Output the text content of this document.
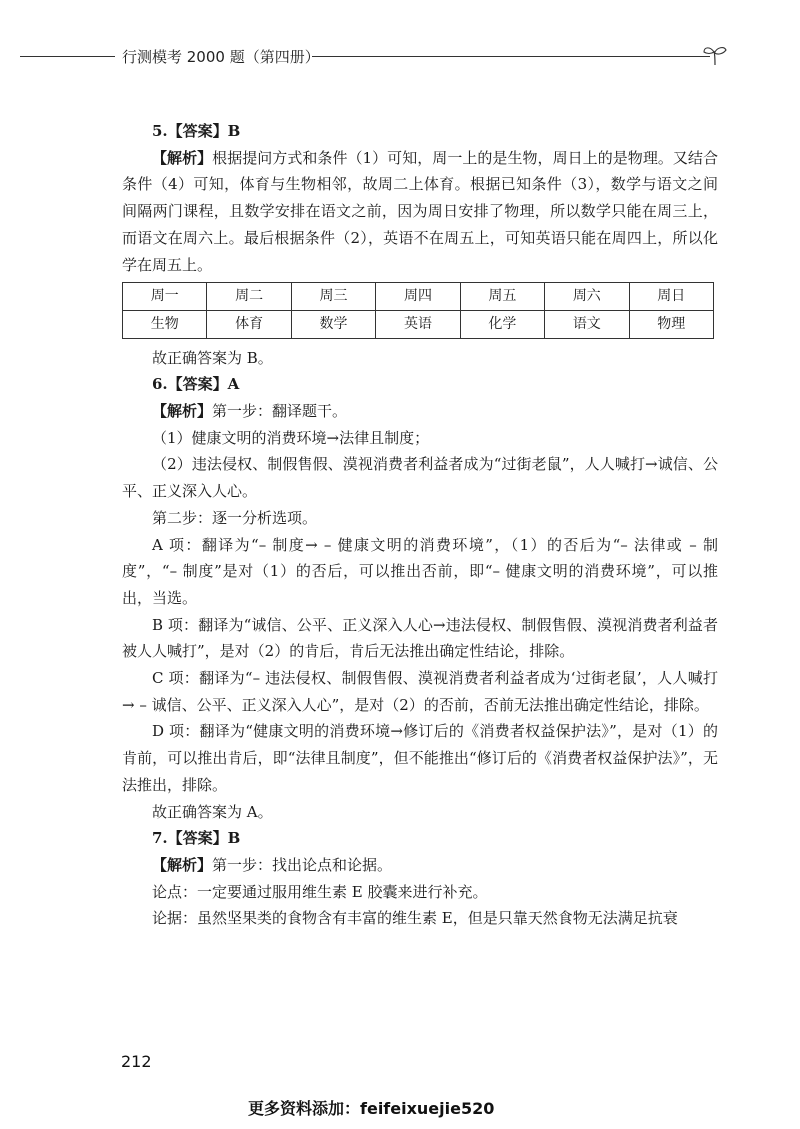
行测模考 2000 题（第四册）

5.【答案】B

【解析】根据提问方式和条件（1）可知，周一上的是生物，周日上的是物理。又结合条件（4）可知，体育与生物相邻，故周二上体育。根据已知条件（3），数学与语文之间间隔两门课程，且数学安排在语文之前，因为周日安排了物理，所以数学只能在周三上，而语文在周六上。最后根据条件（2），英语不在周五上，可知英语只能在周四上，所以化学在周五上。

周一	周二	周三	周四	周五	周六	周日
生物	体育	数学	英语	化学	语文	物理

故正确答案为 B。

6.【答案】A

【解析】第一步：翻译题干。

（1）健康文明的消费环境→法律且制度；

（2）违法侵权、制假售假、漠视消费者利益者成为“过街老鼠”，人人喊打→诚信、公平、正义深入人心。

第二步：逐一分析选项。

A 项：翻译为“– 制度→ – 健康文明的消费环境”，（1）的否后为“– 法律或 – 制度”，“– 制度”是对（1）的否后，可以推出否前，即“– 健康文明的消费环境”，可以推出，当选。

B 项：翻译为“诚信、公平、正义深入人心→违法侵权、制假售假、漠视消费者利益者被人人喊打”，是对（2）的肯后，肯后无法推出确定性结论，排除。

C 项：翻译为“– 违法侵权、制假售假、漠视消费者利益者成为‘过街老鼠’，人人喊打→ – 诚信、公平、正义深入人心”，是对（2）的否前，否前无法推出确定性结论，排除。

D 项：翻译为“健康文明的消费环境→修订后的《消费者权益保护法》”，是对（1）的肯前，可以推出肯后，即“法律且制度”，但不能推出“修订后的《消费者权益保护法》”，无法推出，排除。

故正确答案为 A。

7.【答案】B

【解析】第一步：找出论点和论据。

论点：一定要通过服用维生素 E 胶囊来进行补充。

论据：虽然坚果类的食物含有丰富的维生素 E，但是只靠天然食物无法满足抗衰

212
更多资料添加：feifeixuejie520
